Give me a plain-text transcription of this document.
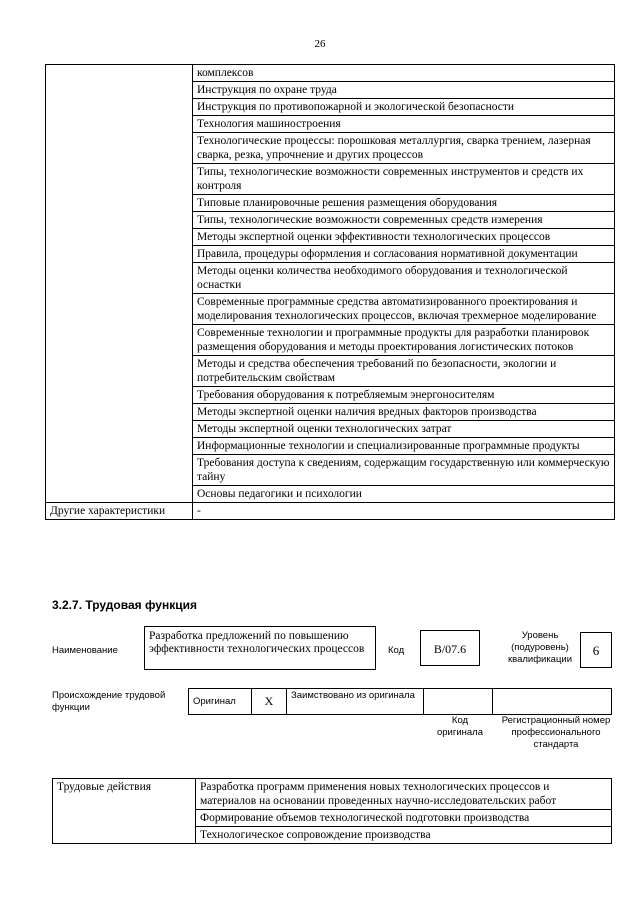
26
	комплексов
	Инструкция по охране труда
	Инструкция по противопожарной и экологической безопасности
	Технология машиностроения
	Технологические процессы: порошковая металлургия, сварка трением, лазерная сварка, резка, упрочнение и других процессов
	Типы, технологические возможности современных инструментов и средств их контроля
	Типовые планировочные решения размещения оборудования
	Типы, технологические возможности современных средств измерения
	Методы экспертной оценки эффективности технологических процессов
	Правила, процедуры оформления и согласования нормативной документации
	Методы оценки количества необходимого оборудования и технологической оснастки
	Современные программные средства автоматизированного проектирования и моделирования технологических процессов, включая трехмерное моделирование
	Современные технологии и программные продукты для разработки планировок размещения оборудования и методы проектирования логистических потоков
	Методы и средства обеспечения требований по безопасности, экологии и потребительским свойствам
	Требования оборудования к потребляемым энергоносителям
	Методы экспертной оценки наличия вредных факторов производства
	Методы экспертной оценки технологических затрат
	Информационные технологии и специализированные программные продукты
	Требования доступа к сведениям, содержащим государственную или коммерческую тайну
	Основы педагогики и психологии
Другие характеристики	-
3.2.7. Трудовая функция
Наименование
Разработка предложений по повышению эффективности технологических процессов	Код	B/07.6
Уровень (подуровень) квалификации
6
Происхождение трудовой функции
Оригинал	X	Заимствовано из оригинала		
Код оригинала
Регистрационный номер профессионального стандарта
Трудовые действия	Разработка программ применения новых технологических процессов и материалов на основании проведенных научно-исследовательских работ
	Формирование объемов технологической подготовки производства
	Технологическое сопровождение производства
